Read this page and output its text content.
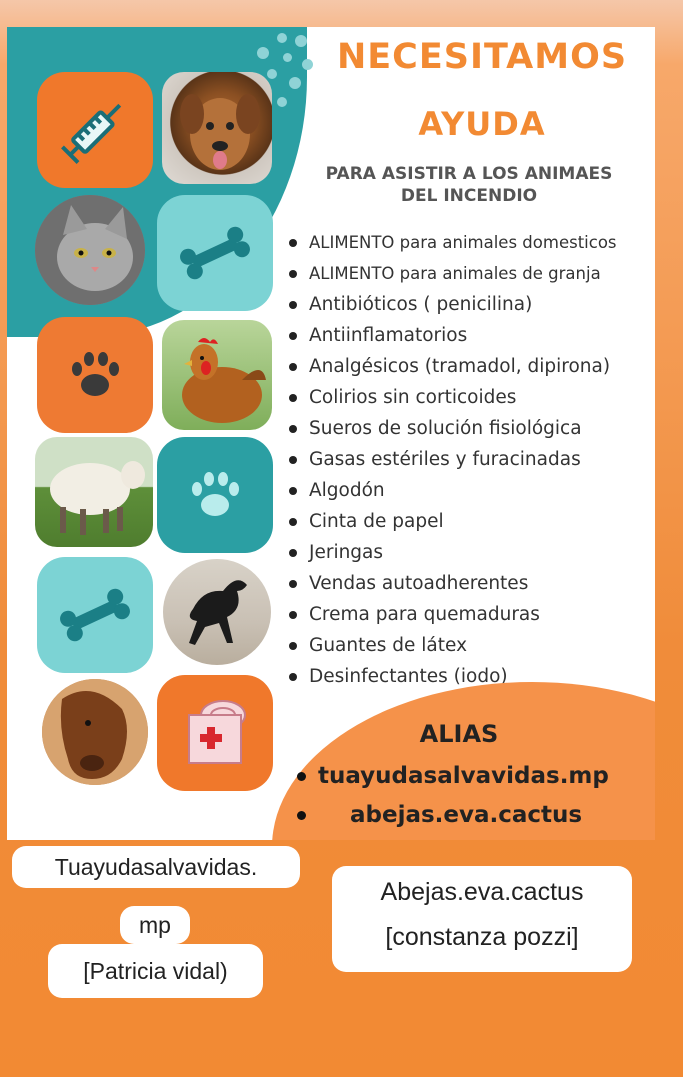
NECESITAMOS
AYUDA
PARA ASISTIR A LOS ANIMAES
DEL INCENDIO
ALIMENTO para animales domesticos
ALIMENTO para animales de granja
Antibióticos ( penicilina)
Antiinflamatorios
Analgésicos (tramadol, dipirona)
Colirios sin corticoides
Sueros de solución fisiológica
Gasas estériles y furacinadas
Algodón
Cinta de papel
Jeringas
Vendas autoadherentes
Crema para quemaduras
Guantes de látex
Desinfectantes (iodo)
ALIAS
tuayudasalvavidas.mp
abejas.eva.cactus
Tuayudasalvavidas.
mp
[Patricia vidal)
Abejas.eva.cactus
[constanza pozzi]
